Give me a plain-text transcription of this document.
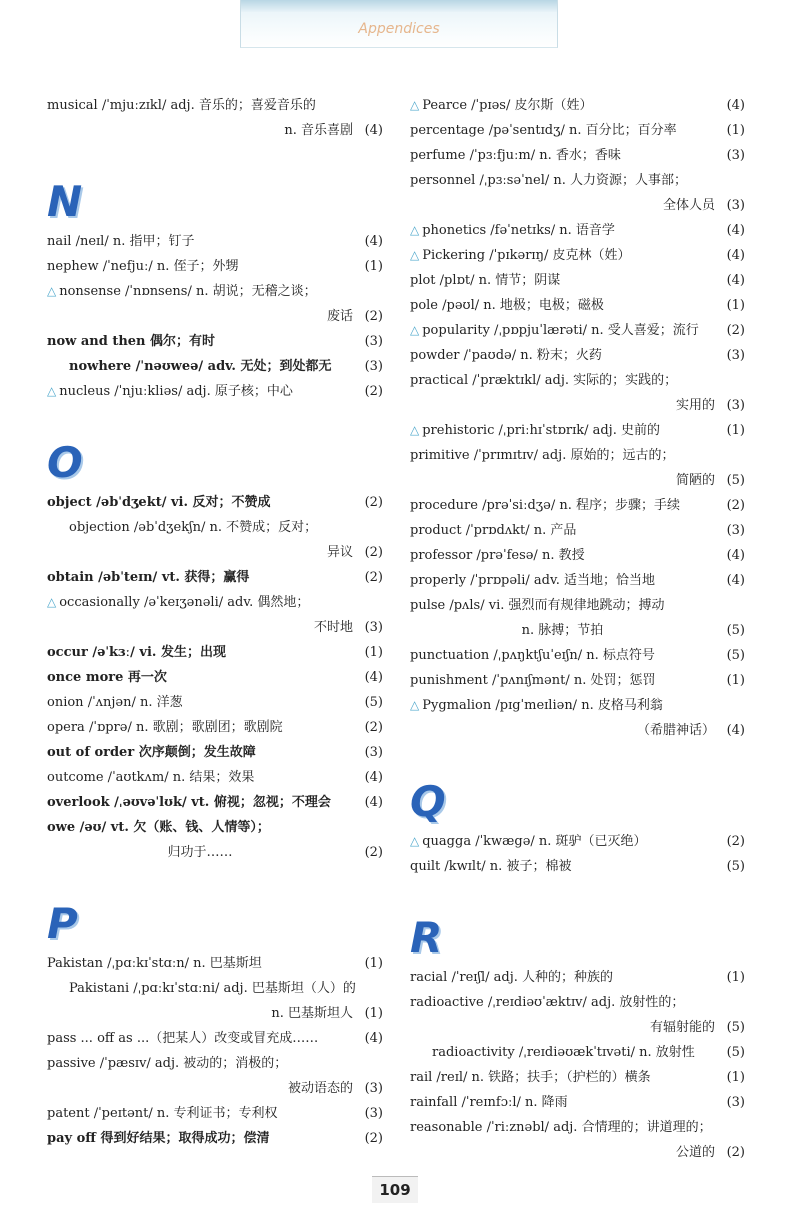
Appendices
musical /ˈmjuːzɪkl/ adj. 音乐的；喜爱音乐的
n. 音乐喜剧 (4)
N
nail /neɪl/ n. 指甲；钉子	(4)
nephew /ˈnefjuː/ n. 侄子；外甥	(1)
△ nonsense /ˈnɒnsens/ n. 胡说；无稽之谈；
废话 (2)
now and then 偶尔；有时	(3)
nowhere /ˈnəʊweə/ adv. 无处；到处都无	(3)
△ nucleus /ˈnjuːkliəs/ adj. 原子核；中心	(2)
O
object /əbˈdʒekt/ vi. 反对；不赞成	(2)
objection /əbˈdʒekʃn/ n. 不赞成；反对；
异议 (2)
obtain /əbˈteɪn/ vt. 获得；赢得	(2)
△ occasionally /əˈkeɪʒənəli/ adv. 偶然地；
不时地 (3)
occur /əˈkɜː/ vi. 发生；出现	(1)
once more 再一次	(4)
onion /ˈʌnjən/ n. 洋葱	(5)
opera /ˈɒprə/ n. 歌剧；歌剧团；歌剧院	(2)
out of order 次序颠倒；发生故障	(3)
outcome /ˈaʊtkʌm/ n. 结果；效果	(4)
overlook /ˌəʊvəˈlʊk/ vt. 俯视；忽视；不理会	(4)
owe /əʊ/ vt. 欠（账、钱、人情等）；
归功于……	(2)
P
Pakistan /ˌpɑːkɪˈstɑːn/ n. 巴基斯坦	(1)
Pakistani /ˌpɑːkɪˈstɑːni/ adj. 巴基斯坦（人）的
n. 巴基斯坦人 (1)
pass ... off as ...（把某人）改变或冒充成……	(4)
passive /ˈpæsɪv/ adj. 被动的；消极的；
被动语态的 (3)
patent /ˈpeɪtənt/ n. 专利证书；专利权	(3)
pay off 得到好结果；取得成功；偿清	(2)
△ Pearce /ˈpɪəs/ 皮尔斯（姓）	(4)
percentage /pəˈsentɪdʒ/ n. 百分比；百分率	(1)
perfume /ˈpɜːfjuːm/ n. 香水；香味	(3)
personnel /ˌpɜːsəˈnel/ n. 人力资源；人事部；
全体人员 (3)
△ phonetics /fəˈnetɪks/ n. 语音学	(4)
△ Pickering /ˈpɪkərɪŋ/ 皮克林（姓）	(4)
plot /plɒt/ n. 情节；阴谋	(4)
pole /pəʊl/ n. 地极；电极；磁极	(1)
△ popularity /ˌpɒpjuˈlærəti/ n. 受人喜爱；流行 (2)
powder /ˈpaʊdə/ n. 粉末；火药	(3)
practical /ˈpræktɪkl/ adj. 实际的；实践的；
实用的 (3)
△ prehistoric /ˌpriːhɪˈstɒrɪk/ adj. 史前的	(1)
primitive /ˈprɪmɪtɪv/ adj. 原始的；远古的；
简陋的 (5)
procedure /prəˈsiːdʒə/ n. 程序；步骤；手续	(2)
product /ˈprɒdʌkt/ n. 产品	(3)
professor /prəˈfesə/ n. 教授	(4)
properly /ˈprɒpəli/ adv. 适当地；恰当地	(4)
pulse /pʌls/ vi. 强烈而有规律地跳动；搏动
n. 脉搏；节拍	(5)
punctuation /ˌpʌŋktʃuˈeɪʃn/ n. 标点符号	(5)
punishment /ˈpʌnɪʃmənt/ n. 处罚；惩罚	(1)
△ Pygmalion /pɪgˈmeɪliən/ n. 皮格马利翁
（希腊神话） (4)
Q
△ quagga /ˈkwægə/ n. 斑驴（已灭绝）	(2)
quilt /kwɪlt/ n. 被子；棉被	(5)
R
racial /ˈreɪʃl/ adj. 人种的；种族的	(1)
radioactive /ˌreɪdiəʊˈæktɪv/ adj. 放射性的；
有辐射能的 (5)
radioactivity /ˌreɪdiəʊækˈtɪvəti/ n. 放射性 (5)
rail /reɪl/ n. 铁路；扶手；（护栏的）横条	(1)
rainfall /ˈreɪnfɔːl/ n. 降雨	(3)
reasonable /ˈriːznəbl/ adj. 合情理的；讲道理的；
公道的 (2)
109
